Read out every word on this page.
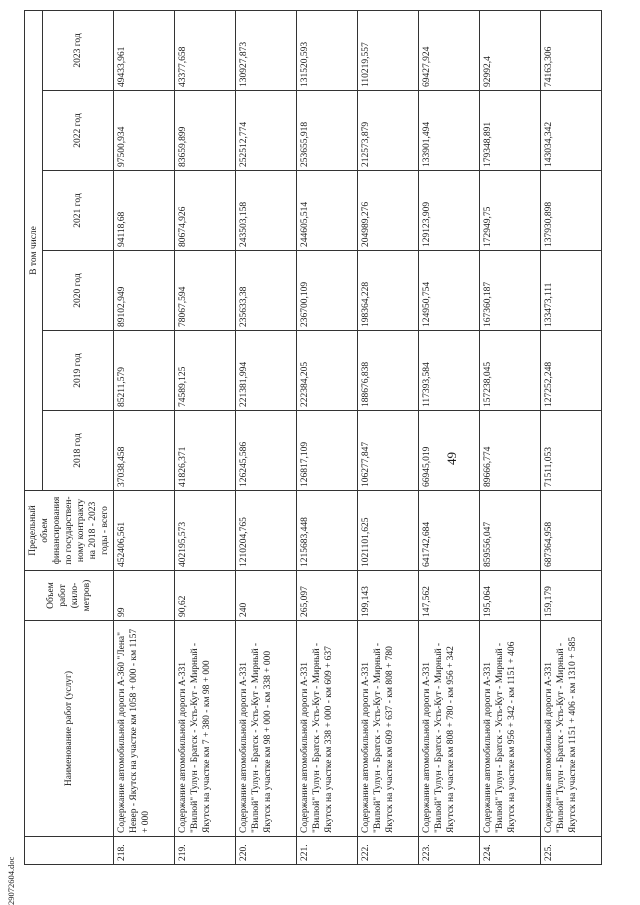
29072604.doc
49
	Наименование работ (услуг)	Объем работ (кило-метров)	Предельный объем финансирования по государствен-ному контракту на 2018 - 2023 годы - всего	В том числе					
				2018 год	2019 год	2020 год	2021 год	2022 год	2023 год
218.	Содержание автомобильной дороги А-360 "Лена" Невер - Якутск на участке км 1058 + 000 - км 1157 + 000	99	452406,561	37038,458	85211,579	89102,949	94118,68	97500,934	49433,961
219.	Содержание автомобильной дороги А-331 "Вилюй" Тулун - Братск - Усть-Кут - Мирный - Якутск на участке км 7 + 380 - км 98 + 000	90,62	402195,573	41826,371	74589,125	78067,594	80674,926	83659,899	43377,658
220.	Содержание автомобильной дороги А-331 "Вилюй" Тулун - Братск - Усть-Кут - Мирный - Якутск на участке км 98 + 000 - км 338 + 000	240	1210204,765	126245,586	221381,994	235633,38	243503,158	252512,774	130927,873
221.	Содержание автомобильной дороги А-331 "Вилюй" Тулун - Братск - Усть-Кут - Мирный - Якутск на участке км 338 + 000 - км 609 + 637	265,097	1215683,448	126817,109	222384,205	236700,109	244605,514	253655,918	131520,593
222.	Содержание автомобильной дороги А-331 "Вилюй" Тулун - Братск - Усть-Кут - Мирный - Якутск на участке км 609 + 637 - км 808 + 780	199,143	1021101,625	106277,847	188676,838	198364,228	204989,276	212573,879	110219,557
223.	Содержание автомобильной дороги А-331 "Вилюй" Тулун - Братск - Усть-Кут - Мирный - Якутск на участке км 808 + 780 - км 956 + 342	147,562	641742,684	66945,019	117393,584	124950,754	129123,909	133901,494	69427,924
224.	Содержание автомобильной дороги А-331 "Вилюй" Тулун - Братск - Усть-Кут - Мирный - Якутск на участке км 956 + 342 - км 1151 + 406	195,064	859556,047	89666,774	157238,045	167360,187	172949,75	179348,891	92992,4
225.	Содержание автомобильной дороги А-331 "Вилюй" Тулун - Братск - Усть-Кут - Мирный - Якутск на участке км 1151 + 406 - км 1310 + 585	159,179	687364,958	71511,053	127252,248	133473,111	137930,898	143034,342	74163,306
